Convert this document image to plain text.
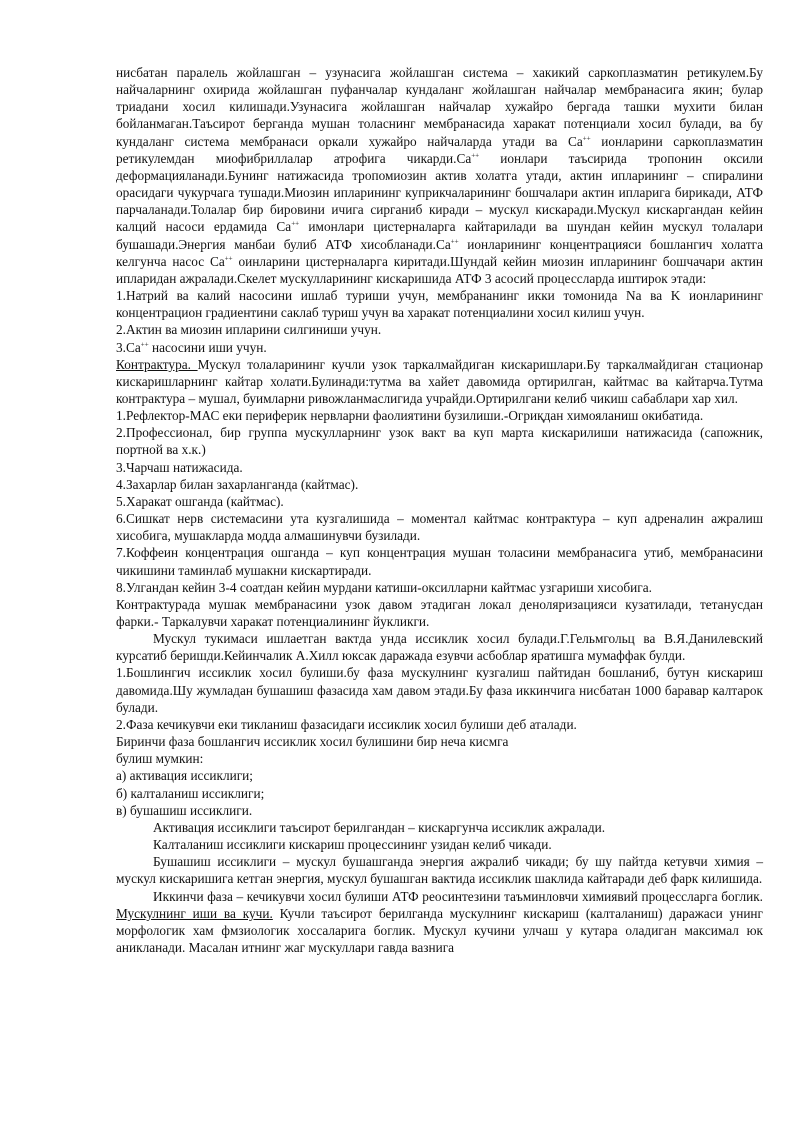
нисбатан паралель жойлашган – узунасига жойлашган система – хакикий саркоплазматин ретикулем.Бу найчаларнинг охирида жойлашган пуфанчалар кундаланг жойлашган найчалар мембранасига якин; булар триадани хосил килишади.Узунасига жойлашган найчалар хужайро бергада ташки мухити билан бойланмаган.Таъсирот берганда мушан толаснинг мембранасида харакат потенциали хосил булади, ва бу кундаланг система мембранаси оркали хужайро найчаларда утади ва Ca++ ионларини саркоплазматин ретикулемдан миофибриллалар атрофига чикарди.Ca++ ионлари таъсирида тропонин оксили деформацияланади.Бунинг натижасида тропомиозин актив холатга утади, актин ипларининг – спиралини орасидаги чукурчага тушади.Миозин ипларининг куприкчаларининг бошчалари актин ипларига бирикади, АТФ парчаланади.Толалар бир бировини ичига сирганиб киради – мускул кискаради.Мускул кискаргандан кейин калций насоси ердамида Ca++ имонлари цистерналарга кайтарилади ва шундан кейин мускул толалари бушашади.Энергия манбаи булиб АТФ хисобланади.Ca++ ионларининг концентрацияси бошлангич холатга келгунча насос Ca++ оинларини цистерналарга киритади.Шундай кейин миозин ипларининг бошчачари актин ипларидан ажралади.Скелет мускулларининг кискаришида АТФ 3 асосий процессларда иштирок этади:

1.Натрий ва калий насосини ишлаб туриши учун, мембрананинг икки томонида Na ва K ионларининг концентрацион градиентини саклаб туриш учун ва харакат потенциалини хосил килиш учун.

2.Актин ва миозин ипларини силгиниши учун.

3.Ca++ насосини иши учун.

Контрактура. Мускул толаларининг кучли узок таркалмайдиган кискаришлари.Бу таркалмайдиган стационар кискаришларнинг кайтар холати.Булинади:тутма ва хайет давомида ортирилган, кайтмас ва кайтарча.Тутма контрактура – мушал, буимларни ривожланмаслигида учрайди.Ортирилгани келиб чикиш сабаблари хар хил.

1.Рефлектор-МАС еки периферик нервларни фаолиятини бузилиши.-Огриқдан химояланиш окибатида.

2.Профессионал, бир группа мускулларнинг узок вакт ва куп марта кискарилиши натижасида (сапожник, портной ва х.к.)

3.Чарчаш натижасида.

4.Захарлар билан захарланганда (кайтмас).

5.Харакат ошганда (кайтмас).

6.Сишкат нерв системасини ута кузгалишида – моментал кайтмас контрактура – куп адреналин ажралиш хисобига, мушакларда модда алмашинувчи бузилади.

7.Коффеин концентрация ошганда – куп концентрация мушан толасини мембранасига утиб, мембранасини чикишини таминлаб мушакни кискартиради.

8.Улгандан кейин 3-4 соатдан кейин мурдани катиши-оксилларни кайтмас узгариши хисобига.

Контрактурада мушак мембранасини узок давом этадиган локал деноляризацияси кузатилади, тетанусдан фарки.- Таркалувчи харакат потенциалининг йукликги.

Мускул тукимаси ишлаетган вактда унда иссиклик хосил булади.Г.Гельмгольц ва В.Я.Данилевский курсатиб беришди.Кейинчалик А.Хилл юксак даражада езувчи асбоблар яратишга мумаффак булди.

1.Бошлингич иссиклик хосил булиши.бу фаза мускулнинг кузгалиш пайтидан бошланиб, бутун кискариш давомида.Шу жумладан бушашиш фазасида хам давом этади.Бу фаза иккинчига нисбатан 1000 баравар калтарок булади.

2.Фаза кечикувчи еки тикланиш фазасидаги иссиклик хосил булиши деб аталади.

Биринчи фаза бошлангич иссиклик хосил булишини бир неча кисмга

булиш мумкин:

а) активация иссиклиги;

б) калталаниш иссиклиги;

в) бушашиш иссиклиги.

Активация иссиклиги таъсирот берилгандан – кискаргунча иссиклик ажралади.

Калталаниш иссиклиги кискариш процессининг узидан келиб чикади.

Бушашиш иссиклиги – мускул бушашганда энергия ажралиб чикади; бу шу пайтда кетувчи химия – мускул кискаришига кетган энергия, мускул бушашган вактида иссиклик шаклида кайтаради деб фарк килишида.

Иккинчи фаза – кечикувчи хосил булиши АТФ реосинтезини таъминловчи химиявий процессларга боглик. Мускулнинг иши ва кучи. Кучли таъсирот берилганда мускулнинг кискариш (калталаниш) даражаси унинг морфологик хам фмзиологик хоссаларига боглик. Мускул кучини улчаш у кутара оладиган максимал юк аникланади. Масалан итнинг жаг мускуллари гавда вазнига
